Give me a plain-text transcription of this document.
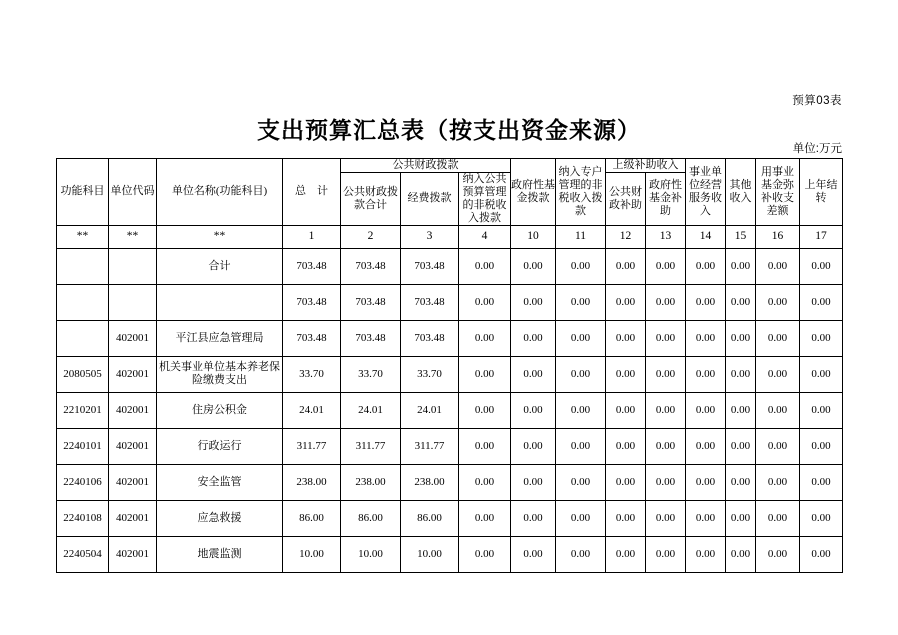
预算03表
支出预算汇总表（按支出资金来源）
单位:万元
功能科目	单位代码	单位名称(功能科目)	总　计	公共财政拨款			政府性基金拨款	纳入专户管理的非税收入拨款	上级补助收入		事业单位经营服务收入	其他收入	用事业基金弥补收支差额	上年结转
				公共财政拨款合计	经费拨款	纳入公共预算管理的非税收入拨款			公共财政补助	政府性基金补助				
**	**	**	1	2	3	4	10	11	12	13	14	15	16	17
		合计	703.48	703.48	703.48	0.00	0.00	0.00	0.00	0.00	0.00	0.00	0.00	0.00
			703.48	703.48	703.48	0.00	0.00	0.00	0.00	0.00	0.00	0.00	0.00	0.00
	402001	平江县应急管理局	703.48	703.48	703.48	0.00	0.00	0.00	0.00	0.00	0.00	0.00	0.00	0.00
2080505	402001	机关事业单位基本养老保险缴费支出	33.70	33.70	33.70	0.00	0.00	0.00	0.00	0.00	0.00	0.00	0.00	0.00
2210201	402001	住房公积金	24.01	24.01	24.01	0.00	0.00	0.00	0.00	0.00	0.00	0.00	0.00	0.00
2240101	402001	行政运行	311.77	311.77	311.77	0.00	0.00	0.00	0.00	0.00	0.00	0.00	0.00	0.00
2240106	402001	安全监管	238.00	238.00	238.00	0.00	0.00	0.00	0.00	0.00	0.00	0.00	0.00	0.00
2240108	402001	应急救援	86.00	86.00	86.00	0.00	0.00	0.00	0.00	0.00	0.00	0.00	0.00	0.00
2240504	402001	地震监测	10.00	10.00	10.00	0.00	0.00	0.00	0.00	0.00	0.00	0.00	0.00	0.00
